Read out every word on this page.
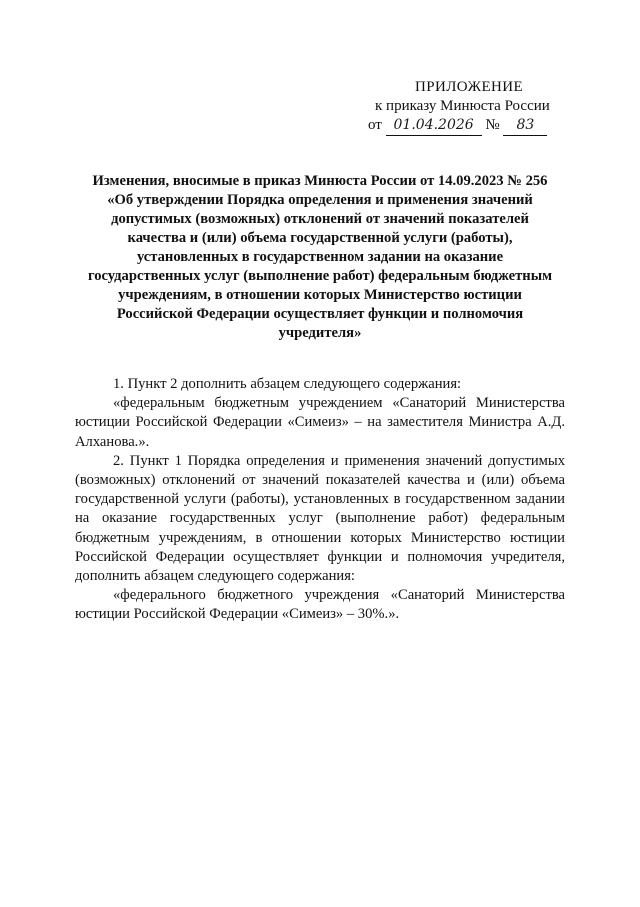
ПРИЛОЖЕНИЕ
к приказу Минюста России
от 01.04.2026 № 83
Изменения, вносимые в приказ Минюста России от 14.09.2023 № 256
«Об утверждении Порядка определения и применения значений
допустимых (возможных) отклонений от значений показателей
качества и (или) объема государственной услуги (работы),
установленных в государственном задании на оказание
государственных услуг (выполнение работ) федеральным бюджетным
учреждениям, в отношении которых Министерство юстиции
Российской Федерации осуществляет функции и полномочия
учредителя»

1. Пункт 2 дополнить абзацем следующего содержания:

«федеральным бюджетным учреждением «Санаторий Министерства юстиции Российской Федерации «Симеиз» – на заместителя Министра А.Д. Алханова.».

2. Пункт 1 Порядка определения и применения значений допустимых (возможных) отклонений от значений показателей качества и (или) объема государственной услуги (работы), установленных в государственном задании на оказание государственных услуг (выполнение работ) федеральным бюджетным учреждениям, в отношении которых Министерство юстиции Российской Федерации осуществляет функции и полномочия учредителя, дополнить абзацем следующего содержания:

«федерального бюджетного учреждения «Санаторий Министерства юстиции Российской Федерации «Симеиз» – 30%.».
